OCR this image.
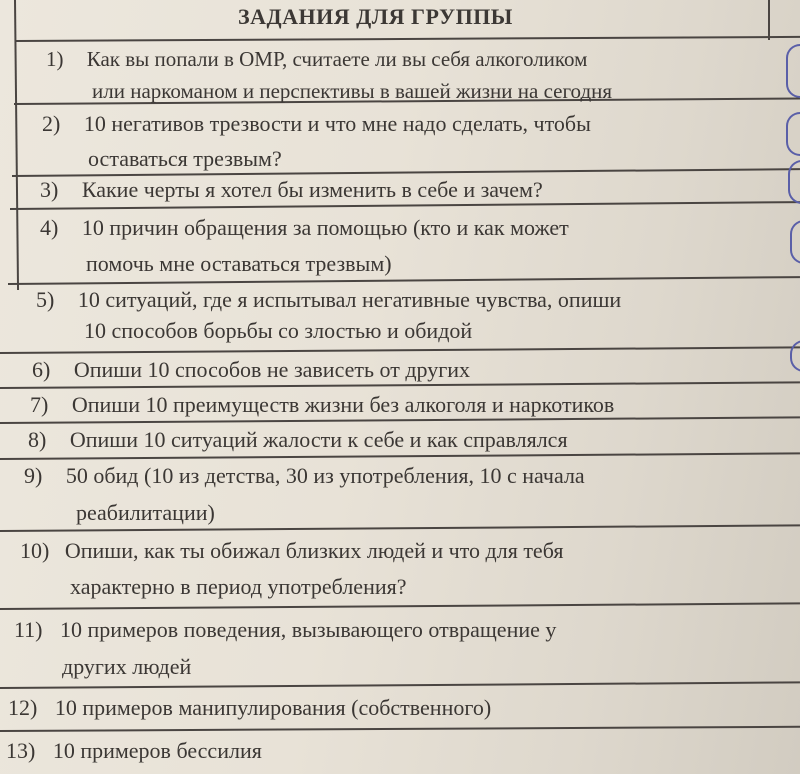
ЗАДАНИЯ ДЛЯ ГРУППЫ
1) Как вы попали в ОМР, считаете ли вы себя алкоголиком
или наркоманом и перспективы в вашей жизни на сегодня
2) 10 негативов трезвости и что мне надо сделать, чтобы
оставаться трезвым?
3) Какие черты я хотел бы изменить в себе и зачем?
4) 10 причин обращения за помощью (кто и как может
помочь мне оставаться трезвым)
5) 10 ситуаций, где я испытывал негативные чувства, опиши
10 способов борьбы со злостью и обидой
6) Опиши 10 способов не зависеть от других
7) Опиши 10 преимуществ жизни без алкоголя и наркотиков
8) Опиши 10 ситуаций жалости к себе и как справлялся
9) 50 обид (10 из детства, 30 из употребления, 10 с начала
реабилитации)
10) Опиши, как ты обижал близких людей и что для тебя
характерно в период употребления?
11) 10 примеров поведения, вызывающего отвращение у
других людей
12) 10 примеров манипулирования (собственного)
13) 10 примеров бессилия
